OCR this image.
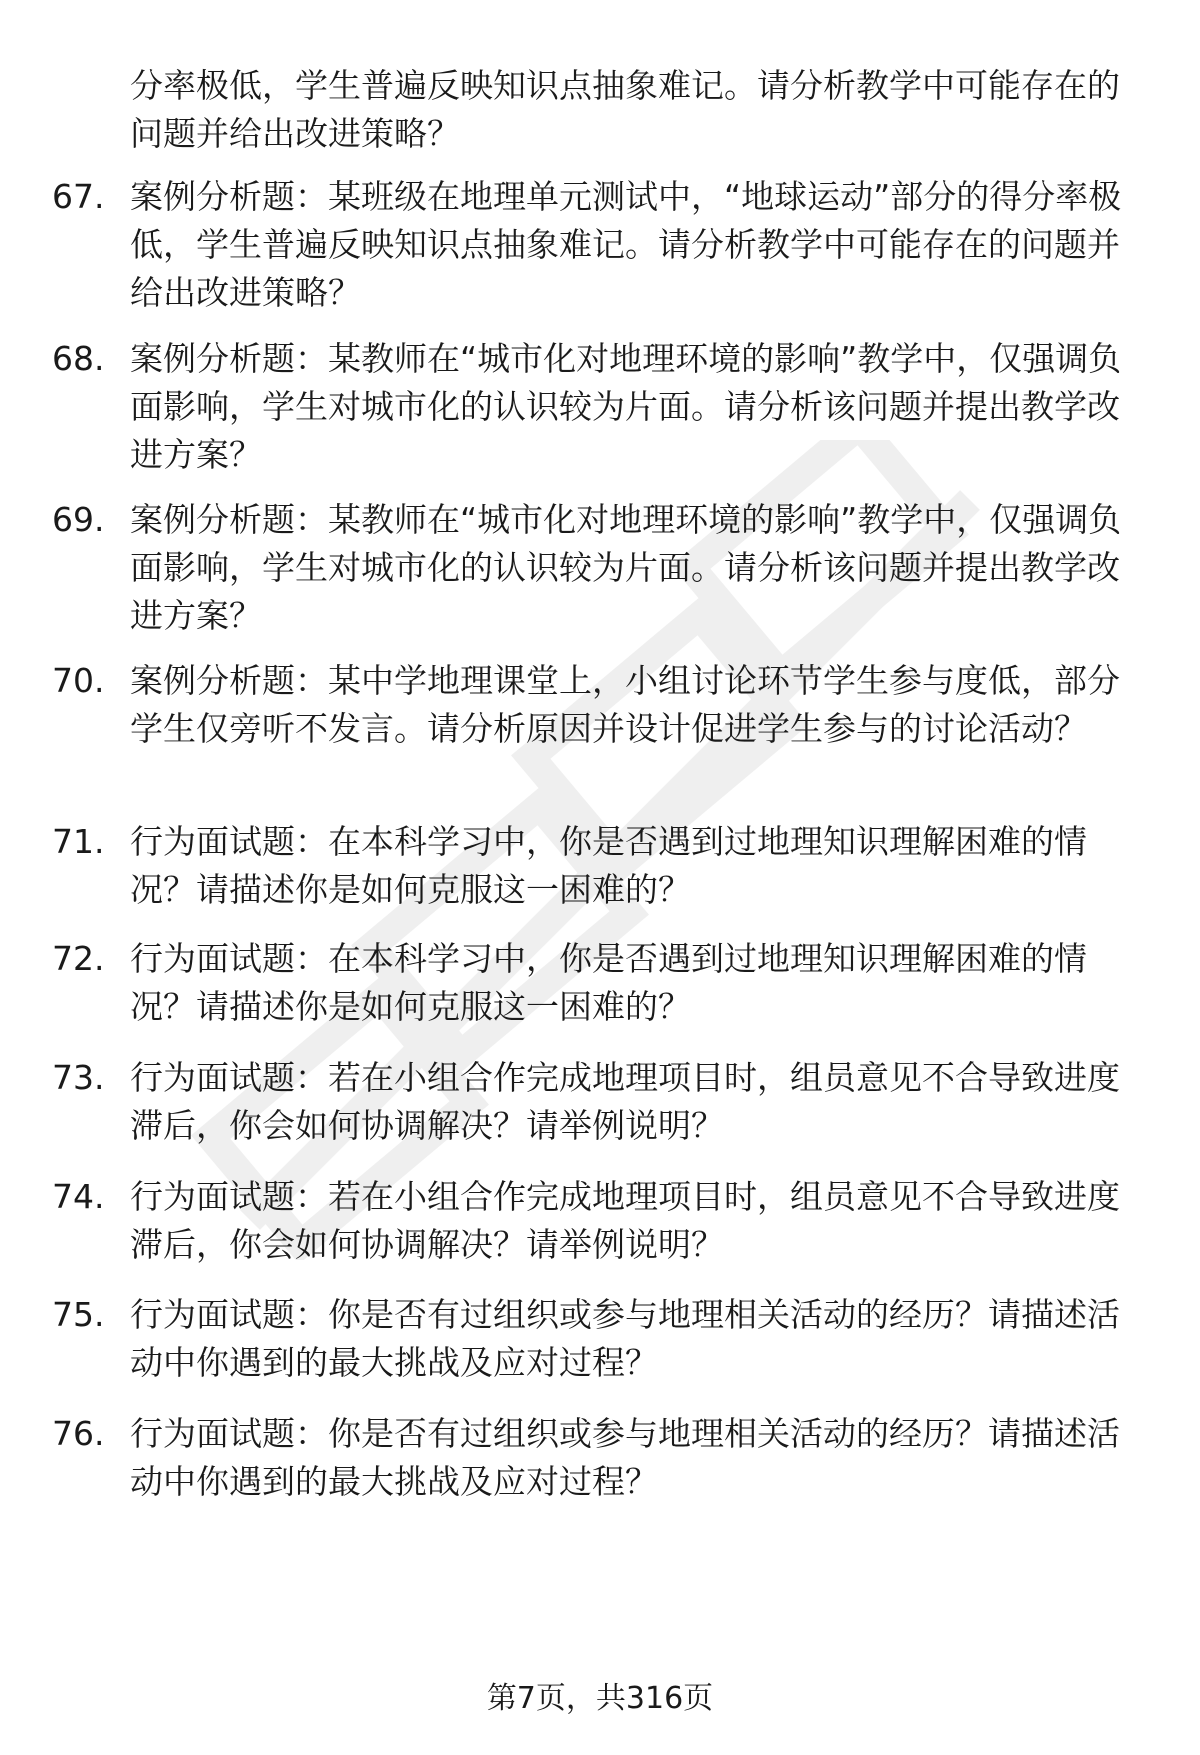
分率极低，学生普遍反映知识点抽象难记。请分析教学中可能存在的问题并给出改进策略？
67. 案例分析题：某班级在地理单元测试中，“地球运动”部分的得分率极低，学生普遍反映知识点抽象难记。请分析教学中可能存在的问题并给出改进策略？
68. 案例分析题：某教师在“城市化对地理环境的影响”教学中，仅强调负面影响，学生对城市化的认识较为片面。请分析该问题并提出教学改进方案？
69. 案例分析题：某教师在“城市化对地理环境的影响”教学中，仅强调负面影响，学生对城市化的认识较为片面。请分析该问题并提出教学改进方案？
70. 案例分析题：某中学地理课堂上，小组讨论环节学生参与度低，部分学生仅旁听不发言。请分析原因并设计促进学生参与的讨论活动？
71. 行为面试题：在本科学习中，你是否遇到过地理知识理解困难的情况？请描述你是如何克服这一困难的？
72. 行为面试题：在本科学习中，你是否遇到过地理知识理解困难的情况？请描述你是如何克服这一困难的？
73. 行为面试题：若在小组合作完成地理项目时，组员意见不合导致进度滞后，你会如何协调解决？请举例说明？
74. 行为面试题：若在小组合作完成地理项目时，组员意见不合导致进度滞后，你会如何协调解决？请举例说明？
75. 行为面试题：你是否有过组织或参与地理相关活动的经历？请描述活动中你遇到的最大挑战及应对过程？
76. 行为面试题：你是否有过组织或参与地理相关活动的经历？请描述活动中你遇到的最大挑战及应对过程？
第7页，共316页
